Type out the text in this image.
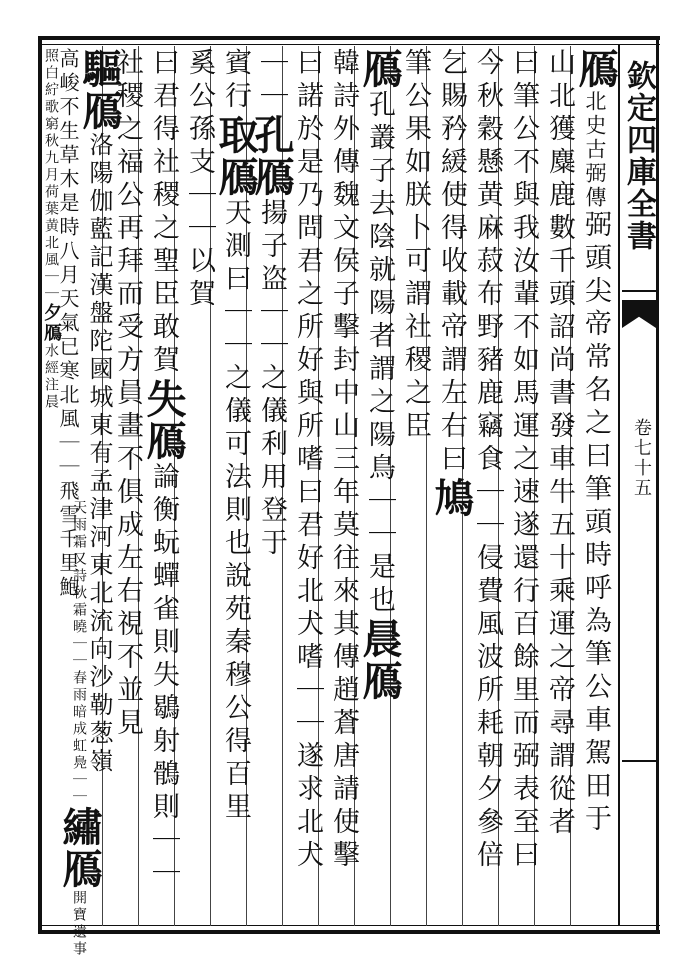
欽定四庫全書
卷七十五
鴈北史古弼傳弼頭尖帝常名之曰筆頭時呼為筆公車駕田于
山北獲麋鹿數千頭詔尚書發車牛五十乘運之帝尋謂從者
曰筆公不與我汝輩不如馬運之速遂還行百餘里而弼表至曰
今秋穀懸黄麻菽布野豬鹿竊食｜｜侵費風波所耗朝夕參倍
乞賜矜緩使得收載帝謂左右曰鳩
筆公果如朕卜可謂社稷之臣
鴈孔叢子去陰就陽者謂之陽鳥｜｜是也晨鴈
韓詩外傳魏文侯子擊封中山三年莫往來其傳趙蒼唐請使擊
曰諾於是乃問君之所好與所嗜曰君好北犬嗜｜｜遂求北犬
｜｜孔鴈揚子盗｜｜之儀利用登于
賓行取鴈天測曰｜｜之儀可法則也說苑秦穆公得百里
奚公孫支｜｜以賀
曰君得社稷之聖臣敢賀失鴈論衡蚖蟬雀則失鶡射鶻則｜｜
社稷之福公再拜而受方員畫不俱成左右視不並見
驅鴈洛陽伽藍記漢盤陀國城東有孟津河東北流向沙勒葱嶺
高峻不生草木是時八月天氣已寒北風｜｜飛雪千里鮑
照白紵歌窮秋九月荷葉黄北風｜｜夕鴈水經注晨
天雨霜又詩秋霜曉｜｜春雨暗成虹鳧｜｜繡鴈開寶遺事
